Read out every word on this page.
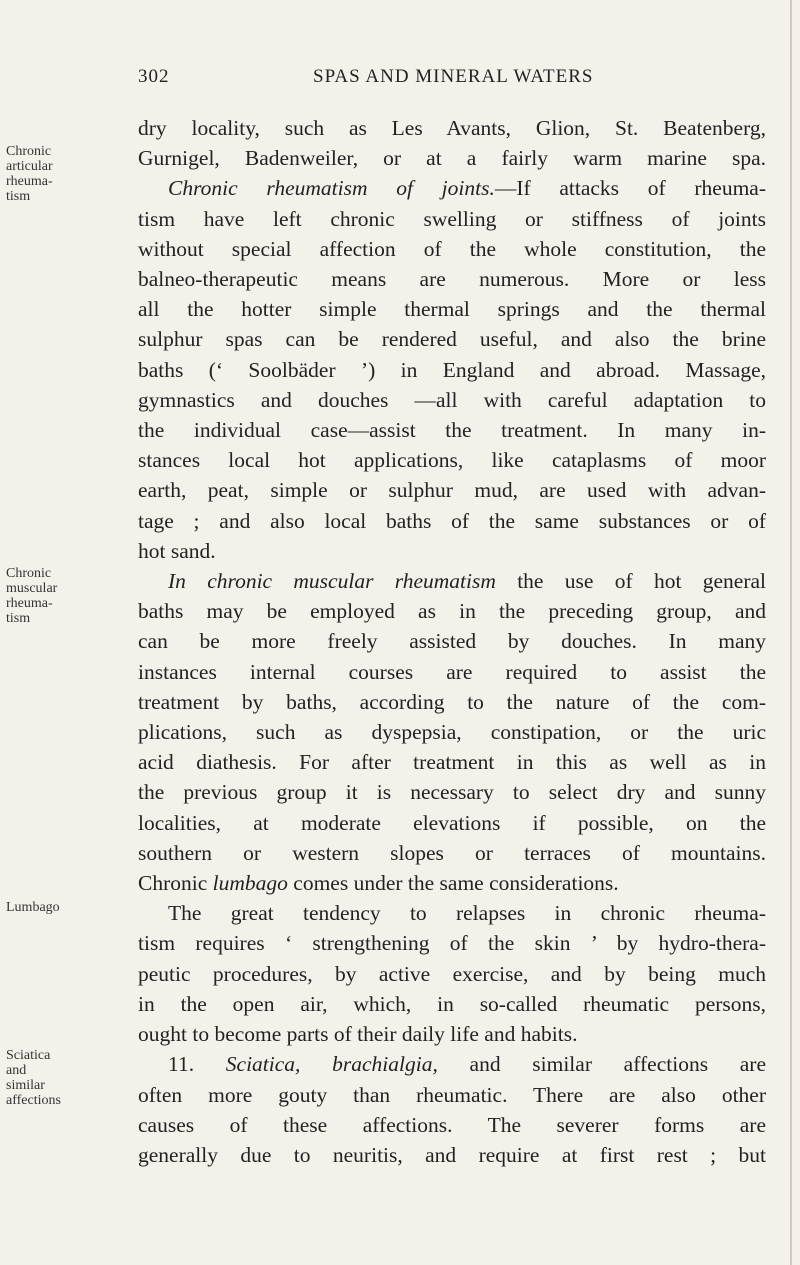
302	SPAS AND MINERAL WATERS
Chronic
articular
rheuma-
tism
Chronic
muscular
rheuma-
tism
Lumbago
Sciatica
and
similar
affections
dry locality, such as Les Avants, Glion, St. Beatenberg,
Gurnigel, Badenweiler, or at a fairly warm marine spa.
Chronic rheumatism of joints.—If attacks of rheuma-
tism have left chronic swelling or stiffness of joints
without special affection of the whole constitution, the
balneo-therapeutic means are numerous. More or less
all the hotter simple thermal springs and the thermal
sulphur spas can be rendered useful, and also the brine
baths (‘ Soolbäder ’) in England and abroad. Massage,
gymnastics and douches —all with careful adaptation to
the individual case—assist the treatment. In many in-
stances local hot applications, like cataplasms of moor
earth, peat, simple or sulphur mud, are used with advan-
tage ; and also local baths of the same substances or of
hot sand.
In chronic muscular rheumatism the use of hot general
baths may be employed as in the preceding group, and
can be more freely assisted by douches. In many
instances internal courses are required to assist the
treatment by baths, according to the nature of the com-
plications, such as dyspepsia, constipation, or the uric
acid diathesis. For after treatment in this as well as in
the previous group it is necessary to select dry and sunny
localities, at moderate elevations if possible, on the
southern or western slopes or terraces of mountains.
Chronic lumbago comes under the same considerations.
The great tendency to relapses in chronic rheuma-
tism requires ‘ strengthening of the skin ’ by hydro-thera-
peutic procedures, by active exercise, and by being much
in the open air, which, in so-called rheumatic persons,
ought to become parts of their daily life and habits.
11. Sciatica, brachialgia, and similar affections are
often more gouty than rheumatic. There are also other
causes of these affections. The severer forms are
generally due to neuritis, and require at first rest ; but
